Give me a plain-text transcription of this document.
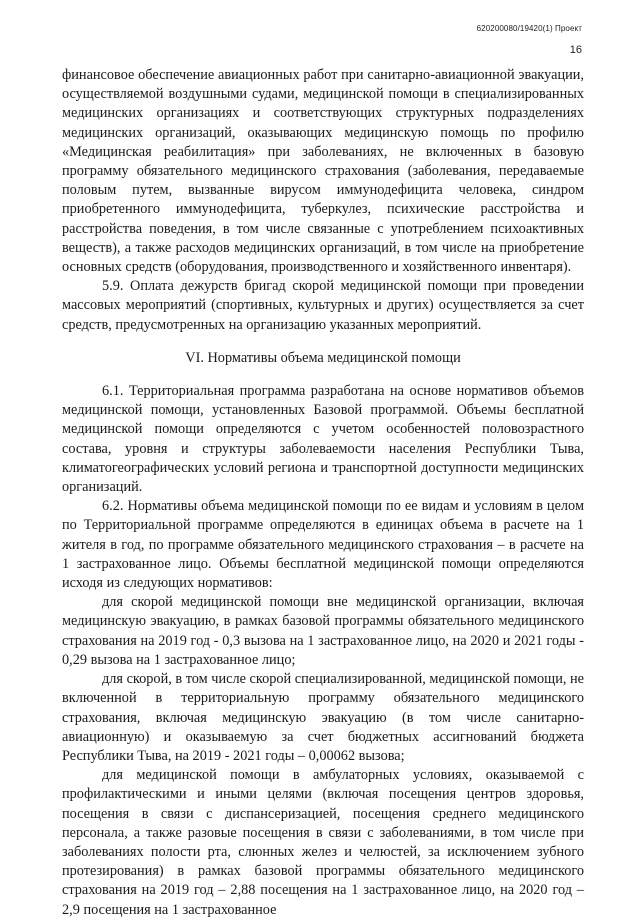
620200080/19420(1) Проект
16

финансовое обеспечение авиационных работ при санитарно-авиационной эвакуации, осуществляемой воздушными судами, медицинской помощи в специализированных медицинских организациях и соответствующих структурных подразделениях медицинских организаций, оказывающих медицинскую помощь по профилю «Медицинская реабилитация» при заболеваниях, не включенных в базовую программу обязательного медицинского страхования (заболевания, передаваемые половым путем, вызванные вирусом иммунодефицита человека, синдром приобретенного иммунодефицита, туберкулез, психические расстройства и расстройства поведения, в том числе связанные с употреблением психоактивных веществ), а также расходов медицинских организаций, в том числе на приобретение основных средств (оборудования, производственного и хозяйственного инвентаря).

5.9. Оплата дежурств бригад скорой медицинской помощи при проведении массовых мероприятий (спортивных, культурных и других) осуществляется за счет средств, предусмотренных на организацию указанных мероприятий.

VI. Нормативы объема медицинской помощи

6.1. Территориальная программа разработана на основе нормативов объемов медицинской помощи, установленных Базовой программой. Объемы бесплатной медицинской помощи определяются с учетом особенностей половозрастного состава, уровня и структуры заболеваемости населения Республики Тыва, климатогеографических условий региона и транспортной доступности медицинских организаций.

6.2. Нормативы объема медицинской помощи по ее видам и условиям в целом по Территориальной программе определяются в единицах объема в расчете на 1 жителя в год, по программе обязательного медицинского страхования – в расчете на 1 застрахованное лицо. Объемы бесплатной медицинской помощи определяются исходя из следующих нормативов:

для скорой медицинской помощи вне медицинской организации, включая медицинскую эвакуацию, в рамках базовой программы обязательного медицинского страхования на 2019 год - 0,3 вызова на 1 застрахованное лицо, на 2020 и 2021 годы - 0,29 вызова на 1 застрахованное лицо;

для скорой, в том числе скорой специализированной, медицинской помощи, не включенной в территориальную программу обязательного медицинского страхования, включая медицинскую эвакуацию (в том числе санитарно-авиационную) и оказываемую за счет бюджетных ассигнований бюджета Республики Тыва, на 2019 - 2021 годы – 0,00062 вызова;

для медицинской помощи в амбулаторных условиях, оказываемой с профилактическими и иными целями (включая посещения центров здоровья, посещения в связи с диспансеризацией, посещения среднего медицинского персонала, а также разовые посещения в связи с заболеваниями, в том числе при заболеваниях полости рта, слюнных желез и челюстей, за исключением зубного протезирования) в рамках базовой программы обязательного медицинского страхования на 2019 год – 2,88 посещения на 1 застрахованное лицо, на 2020 год – 2,9 посещения на 1 застрахованное
